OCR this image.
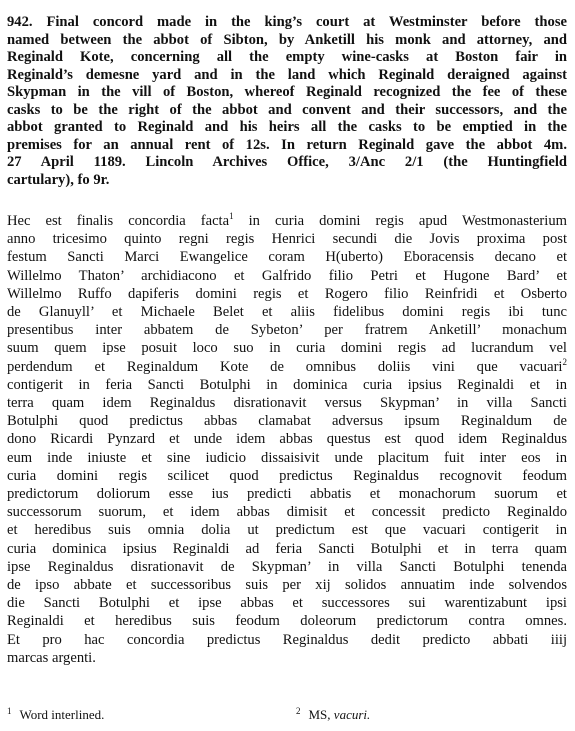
942. Final concord made in the king’s court at Westminster before those
named between the abbot of Sibton, by Anketill his monk and attorney, and
Reginald Kote, concerning all the empty wine-casks at Boston fair in
Reginald’s demesne yard and in the land which Reginald deraigned against
Skypman in the vill of Boston, whereof Reginald recognized the fee of these
casks to be the right of the abbot and convent and their successors, and the
abbot granted to Reginald and his heirs all the casks to be emptied in the
premises for an annual rent of 12s. In return Reginald gave the abbot 4m.
27 April 1189. Lincoln Archives Office, 3/Anc 2/1 (the Huntingfield
cartulary), fo 9r.
Hec est finalis concordia facta$^1$ in curia domini regis apud Westmonasterium
anno tricesimo quinto regni regis Henrici secundi die Jovis proxima post
festum Sancti Marci Ewangelice coram H(uberto) Eboracensis decano et
Willelmo Thaton’ archidiacono et Galfrido filio Petri et Hugone Bard’ et
Willelmo Ruffo dapiferis domini regis et Rogero filio Reinfridi et Osberto
de Glanuyll’ et Michaele Belet et aliis fidelibus domini regis ibi tunc
presentibus inter abbatem de Sybeton’ per fratrem Anketill’ monachum
suum quem ipse posuit loco suo in curia domini regis ad lucrandum vel
perdendum et Reginaldum Kote de omnibus doliis vini que vacuari$^2$
contigerit in feria Sancti Botulphi in dominica curia ipsius Reginaldi et in
terra quam idem Reginaldus disrationavit versus Skypman’ in villa Sancti
Botulphi quod predictus abbas clamabat adversus ipsum Reginaldum de
dono Ricardi Pynzard et unde idem abbas questus est quod idem Reginaldus
eum inde iniuste et sine iudicio dissaisivit unde placitum fuit inter eos in
curia domini regis scilicet quod predictus Reginaldus recognovit feodum
predictorum doliorum esse ius predicti abbatis et monachorum suorum et
successorum suorum, et idem abbas dimisit et concessit predicto Reginaldo
et heredibus suis omnia dolia ut predictum est que vacuari contigerit in
curia dominica ipsius Reginaldi ad feria Sancti Botulphi et in terra quam
ipse Reginaldus disrationavit de Skypman’ in villa Sancti Botulphi tenenda
de ipso abbate et successoribus suis per xij solidos annuatim inde solvendos
die Sancti Botulphi et ipse abbas et successores sui warentizabunt ipsi
Reginaldi et heredibus suis feodum doleorum predictorum contra omnes.
Et pro hac concordia predictus Reginaldus dedit predicto abbati iiij
marcas argenti.
$^1$ Word interlined.	$^2$ MS, vacuri.
